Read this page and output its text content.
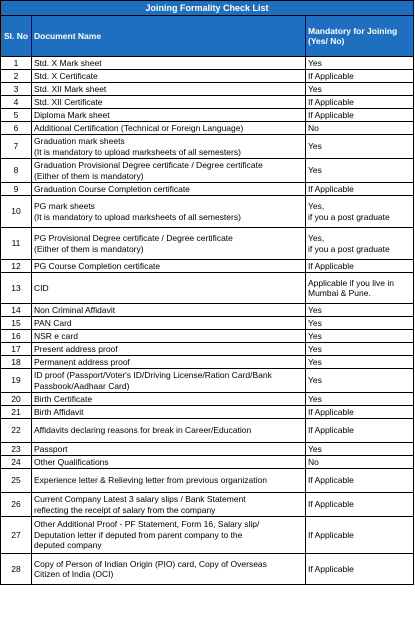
Joining Formality Check List		
Sl. No	Document Name	Mandatory for Joining
(Yes/ No)

1	Std. X Mark sheet	Yes

2	Std. X Certificate	If Applicable

3	Std. XII Mark sheet	Yes

4	Std. XII Certificate	If Applicable

5	Diploma Mark sheet	If Applicable

6	Additional Certification (Technical or Foreign Language)	No

7	Graduation mark sheets
(It is mandatory to upload marksheets of all semesters)	Yes

8	Graduation Provisional Degree certificate / Degree certificate
(Either of them is mandatory)	Yes

9	Graduation Course Completion certificate	If Applicable

10	PG mark sheets
(It is mandatory to upload marksheets of all semesters)	Yes,
if you a post graduate

11	PG Provisional Degree certificate / Degree certificate
(Either of them is mandatory)	Yes,
if you a post graduate

12	PG Course Completion certificate	If Applicable

13	CID	Applicable if you live in
Mumbai & Pune.

14	Non Criminal Affidavit	Yes

15	PAN Card	Yes

16	NSR e card	Yes

17	Present address proof	Yes

18	Permanent address proof	Yes

19	ID proof (Passport/Voter's ID/Driving License/Ration Card/Bank
Passbook/Aadhaar Card)	Yes

20	Birth Certificate	Yes

21	Birth Affidavit	If Applicable

22	Affidavits declaring reasons for break in Career/Education	If Applicable

23	Passport	Yes

24	Other Qualifications	No

25	Experience letter & Relieving letter from previous organization	If Applicable

26	Current Company Latest 3 salary slips / Bank Statement
reflecting the receipt of salary from the company	If Applicable

27	Other Additional Proof - PF Statement, Form 16, Salary slip/
Deputation letter if deputed from parent company to the
deputed company	If Applicable

28	Copy of Person of Indian Origin (PIO) card, Copy of Overseas
Citizen of India (OCI)	If Applicable
